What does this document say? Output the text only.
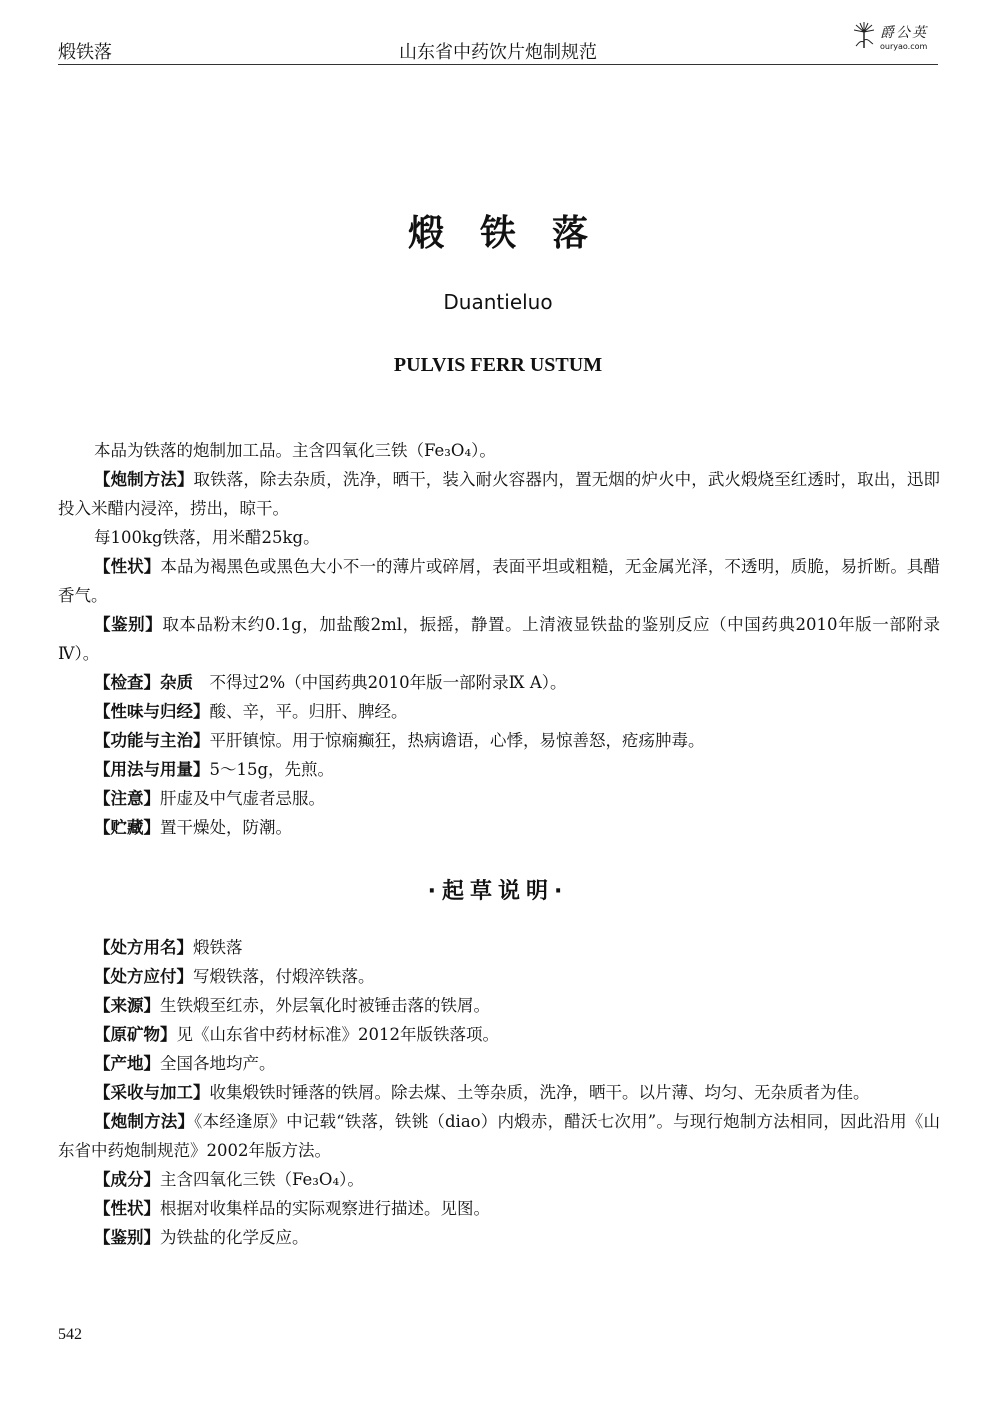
煅铁落	山东省中药饮片炮制规范
爵公英
ouryao.com
煅铁落
Duantieluo
PULVIS FERR USTUM

本品为铁落的炮制加工品。主含四氧化三铁（Fe₃O₄）。

【炮制方法】取铁落，除去杂质，洗净，晒干，装入耐火容器内，置无烟的炉火中，武火煅烧至红透时，取出，迅即投入米醋内浸淬，捞出，晾干。

每100kg铁落，用米醋25kg。

【性状】本品为褐黑色或黑色大小不一的薄片或碎屑，表面平坦或粗糙，无金属光泽，不透明，质脆，易折断。具醋香气。

【鉴别】取本品粉末约0.1g，加盐酸2ml，振摇，静置。上清液显铁盐的鉴别反应（中国药典2010年版一部附录Ⅳ）。

【检查】杂质　不得过2%（中国药典2010年版一部附录Ⅸ A）。

【性味与归经】酸、辛，平。归肝、脾经。

【功能与主治】平肝镇惊。用于惊痫癫狂，热病谵语，心悸，易惊善怒，疮疡肿毒。

【用法与用量】5～15g，先煎。

【注意】肝虚及中气虚者忌服。

【贮藏】置干燥处，防潮。

·起草说明·

【处方用名】煅铁落

【处方应付】写煅铁落，付煅淬铁落。

【来源】生铁煅至红赤，外层氧化时被锤击落的铁屑。

【原矿物】见《山东省中药材标准》2012年版铁落项。

【产地】全国各地均产。

【采收与加工】收集煅铁时锤落的铁屑。除去煤、土等杂质，洗净，晒干。以片薄、均匀、无杂质者为佳。

【炮制方法】《本经逢原》中记载“铁落，铁铫（diao）内煅赤，醋沃七次用”。与现行炮制方法相同，因此沿用《山东省中药炮制规范》2002年版方法。

【成分】主含四氧化三铁（Fe₃O₄）。

【性状】根据对收集样品的实际观察进行描述。见图。

【鉴别】为铁盐的化学反应。

542
